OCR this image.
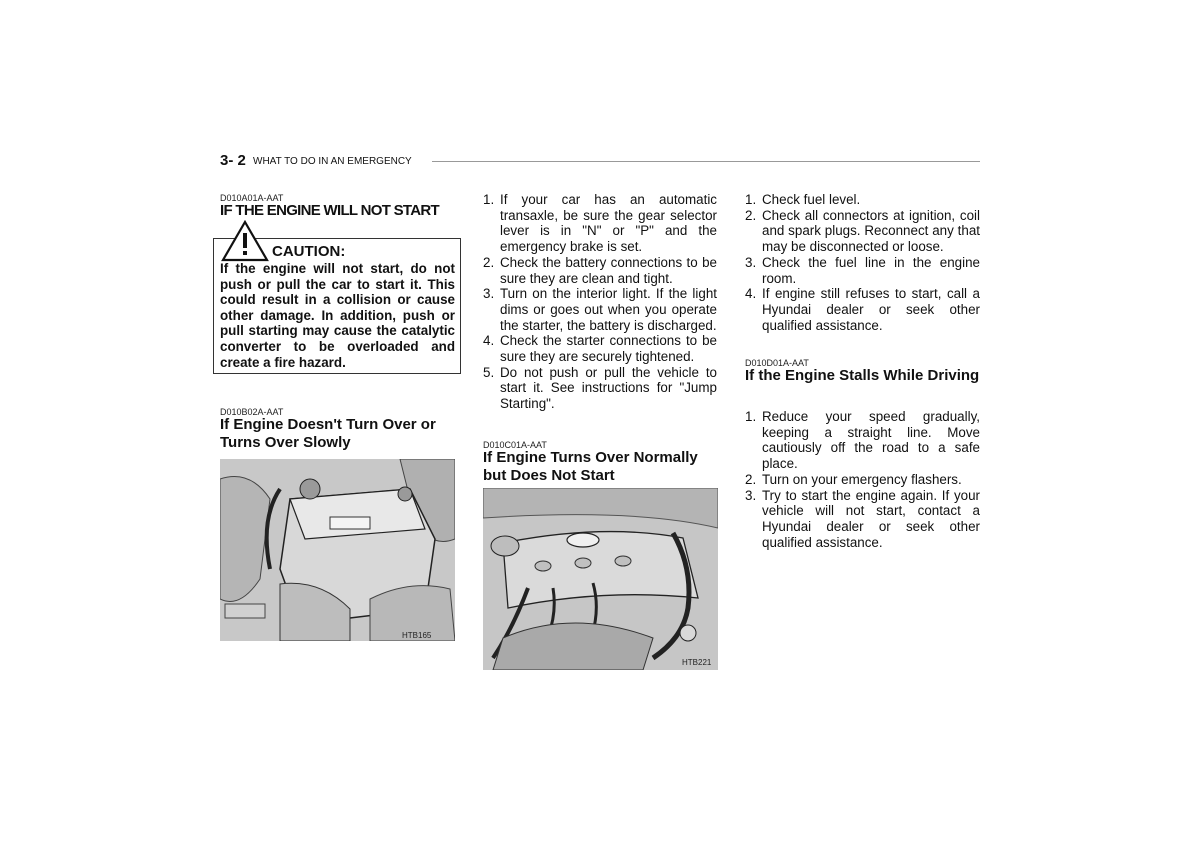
3- 2 WHAT TO DO IN AN EMERGENCY
D010A01A-AAT
IF THE ENGINE WILL NOT START
CAUTION:
If the engine will not start, do not push or pull the car to start it. This could result in a collision or cause other damage. In addition, push or pull starting may cause the catalytic converter to be overloaded and create a fire hazard.
D010B02A-AAT
If Engine Doesn't Turn Over or Turns Over Slowly
HTB165
1. If your car has an automatic transaxle, be sure the gear selector lever is in "N" or "P" and the emergency brake is set.
2. Check the battery connections to be sure they are clean and tight.
3. Turn on the interior light. If the light dims or goes out when you operate the starter, the battery is discharged.
4. Check the starter connections to be sure they are securely tightened.
5. Do not push or pull the vehicle to start it. See instructions for "Jump Starting".
D010C01A-AAT
If Engine Turns Over Normally but Does Not Start
HTB221
1. Check fuel level.
2. Check all connectors at ignition, coil and spark plugs. Reconnect any that may be disconnected or loose.
3. Check the fuel line in the engine room.
4. If engine still refuses to start, call a Hyundai dealer or seek other qualified assistance.
D010D01A-AAT
If the Engine Stalls While Driving
1. Reduce your speed gradually, keeping a straight line. Move cautiously off the road to a safe place.
2. Turn on your emergency flashers.
3. Try to start the engine again. If your vehicle will not start, contact a Hyundai dealer or seek other qualified assistance.
